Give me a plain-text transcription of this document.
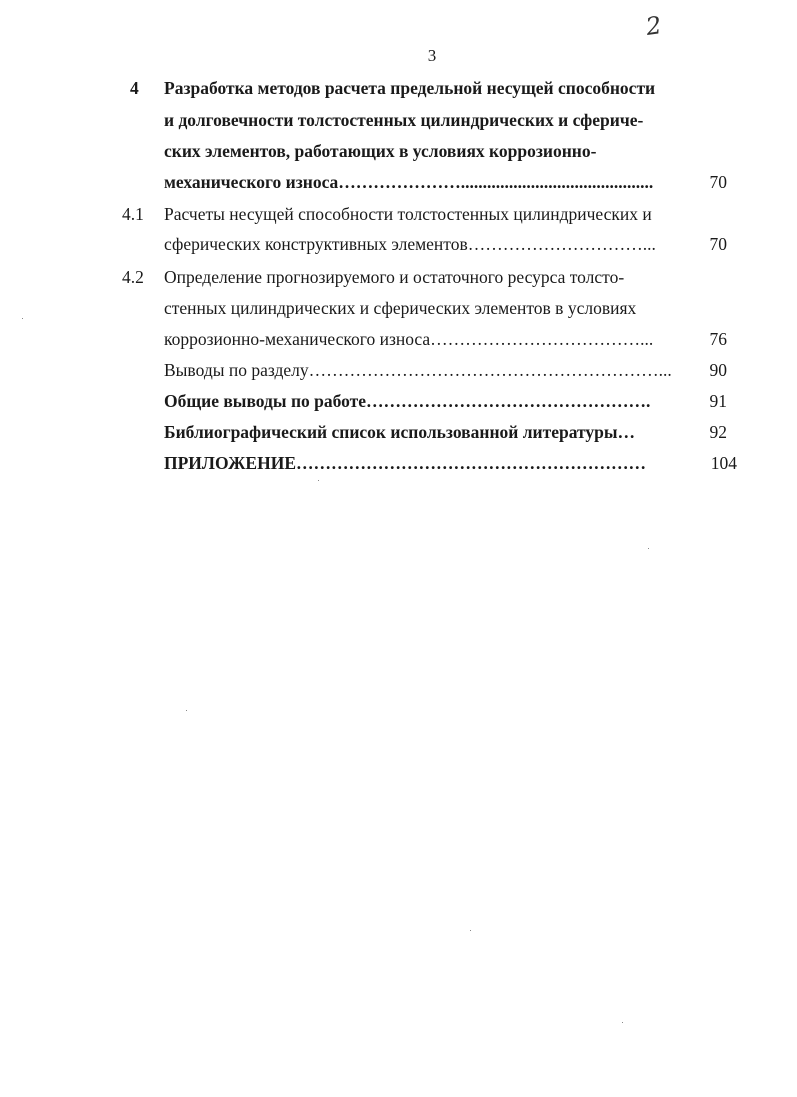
2
3
4 Разработка методов расчета предельной несущей способности
и долговечности толстостенных цилиндрических и сфериче-
ских элементов, работающих в условиях коррозионно-
механического износа…………………............................................	70
4.1 Расчеты несущей способности толстостенных цилиндрических и
сферических конструктивных элементов…………………………...	70
4.2 Определение прогнозируемого и остаточного ресурса толсто-
стенных цилиндрических и сферических элементов в условиях
коррозионно-механического износа………………………………...	76
Выводы по разделу……………………………………………………...	90
Общие выводы по работе………………………………………….	91
Библиографический список использованной литературы…	92
ПРИЛОЖЕНИЕ……………………………………………………	104
